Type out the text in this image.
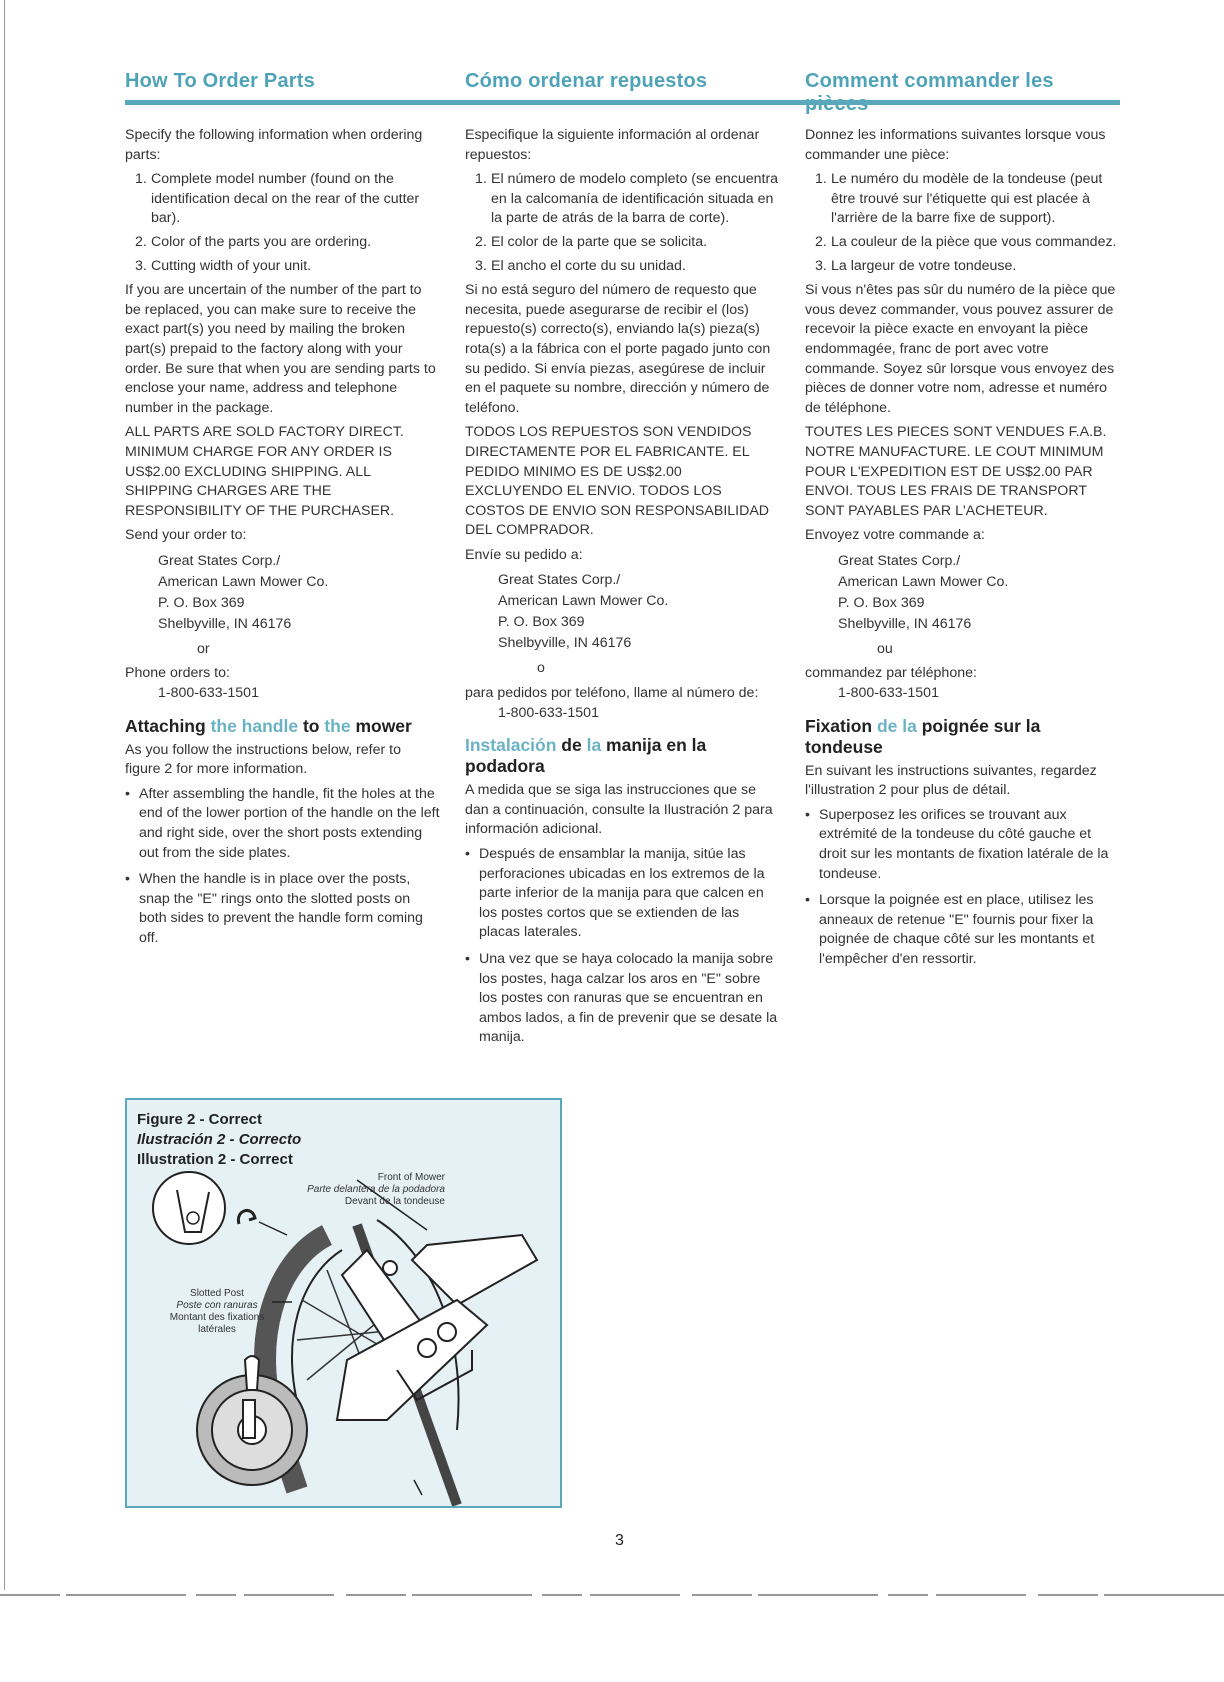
How To Order Parts	Cómo ordenar repuestos	Comment commander les

Specify the following information when ordering parts:

1. Complete model number (found on the identification decal on the rear of the cutter bar).
2. Color of the parts you are ordering.
3. Cutting width of your unit.

If you are uncertain of the number of the part to be replaced, you can make sure to receive the exact part(s) you need by mailing the broken part(s) prepaid to the factory along with your order. Be sure that when you are sending parts to enclose your name, address and telephone number in the package.

ALL PARTS ARE SOLD FACTORY DIRECT. MINIMUM CHARGE FOR ANY ORDER IS US$2.00 EXCLUDING SHIPPING. ALL SHIPPING CHARGES ARE THE RESPONSIBILITY OF THE PURCHASER.

Send your order to:

Great States Corp./
American Lawn Mower Co.
P. O. Box 369
Shelbyville, IN 46176

or

Phone orders to:

1-800-633-1501

Attaching the handle to the mower

As you follow the instructions below, refer to figure 2 for more information.

• After assembling the handle, fit the holes at the end of the lower portion of the handle on the left and right side, over the short posts extending out from the side plates.
• When the handle is in place over the posts, snap the "E" rings onto the slotted posts on both sides to prevent the handle form coming off.

Especifique la siguiente información al ordenar repuestos:

1. El número de modelo completo (se encuentra en la calcomanía de identificación situada en la parte de atrás de la barra de corte).
2. El color de la parte que se solicita.
3. El ancho el corte du su unidad.

Si no está seguro del número de requesto que necesita, puede asegurarse de recibir el (los) repuesto(s) correcto(s), enviando la(s) pieza(s) rota(s) a la fábrica con el porte pagado junto con su pedido. Si envía piezas, asegúrese de incluir en el paquete su nombre, dirección y número de teléfono.

TODOS LOS REPUESTOS SON VENDIDOS DIRECTAMENTE POR EL FABRICANTE. EL PEDIDO MINIMO ES DE US$2.00 EXCLUYENDO EL ENVIO. TODOS LOS COSTOS DE ENVIO SON RESPONSABILIDAD DEL COMPRADOR.

Envíe su pedido a:

Great States Corp./
American Lawn Mower Co.
P. O. Box 369
Shelbyville, IN 46176

o

para pedidos por teléfono, llame al número de:

1-800-633-1501

Instalación de la manija en la podadora

A medida que se siga las instrucciones que se dan a continuación, consulte la Ilustración 2 para información adicional.

• Después de ensamblar la manija, sitúe las perforaciones ubicadas en los extremos de la parte inferior de la manija para que calcen en los postes cortos que se extienden de las placas laterales.
• Una vez que se haya colocado la manija sobre los postes, haga calzar los aros en "E" sobre los postes con ranuras que se encuentran en ambos lados, a fin de prevenir que se desate la manija.

Donnez les informations suivantes lorsque vous commander une pièce:

1. Le numéro du modèle de la tondeuse (peut être trouvé sur l'étiquette qui est placée à l'arrière de la barre fixe de support).
2. La couleur de la pièce que vous commandez.
3. La largeur de votre tondeuse.

Si vous n'êtes pas sûr du numéro de la pièce que vous devez commander, vous pouvez assurer de recevoir la pièce exacte en envoyant la pièce endommagée, franc de port avec votre commande. Soyez sûr lorsque vous envoyez des pièces de donner votre nom, adresse et numéro de téléphone.

TOUTES LES PIECES SONT VENDUES F.A.B. NOTRE MANUFACTURE. LE COUT MINIMUM POUR L'EXPEDITION EST DE US$2.00 PAR ENVOI. TOUS LES FRAIS DE TRANSPORT SONT PAYABLES PAR L'ACHETEUR.

Envoyez votre commande a:

Great States Corp./
American Lawn Mower Co.
P. O. Box 369
Shelbyville, IN 46176

ou

commandez par téléphone:

1-800-633-1501

Fixation de la poignée sur la tondeuse

En suivant les instructions suivantes, regardez l'illustration 2 pour plus de détail.

• Superposez les orifices se trouvant aux extrémité de la tondeuse du côté gauche et droit sur les montants de fixation latérale de la tondeuse.
• Lorsque la poignée est en place, utilisez les anneaux de retenue "E" fournis pour fixer la poignée de chaque côté sur les montants et l'empêcher d'en ressortir.
Figure 2 - Correct
Ilustración 2 - Correcto
Illustration 2 - Correct
Front of Mower
Parte delantera de la podadora
Devant de la tondeuse
Slotted Post
Poste con ranuras
Montant des fixations
latérales
3
